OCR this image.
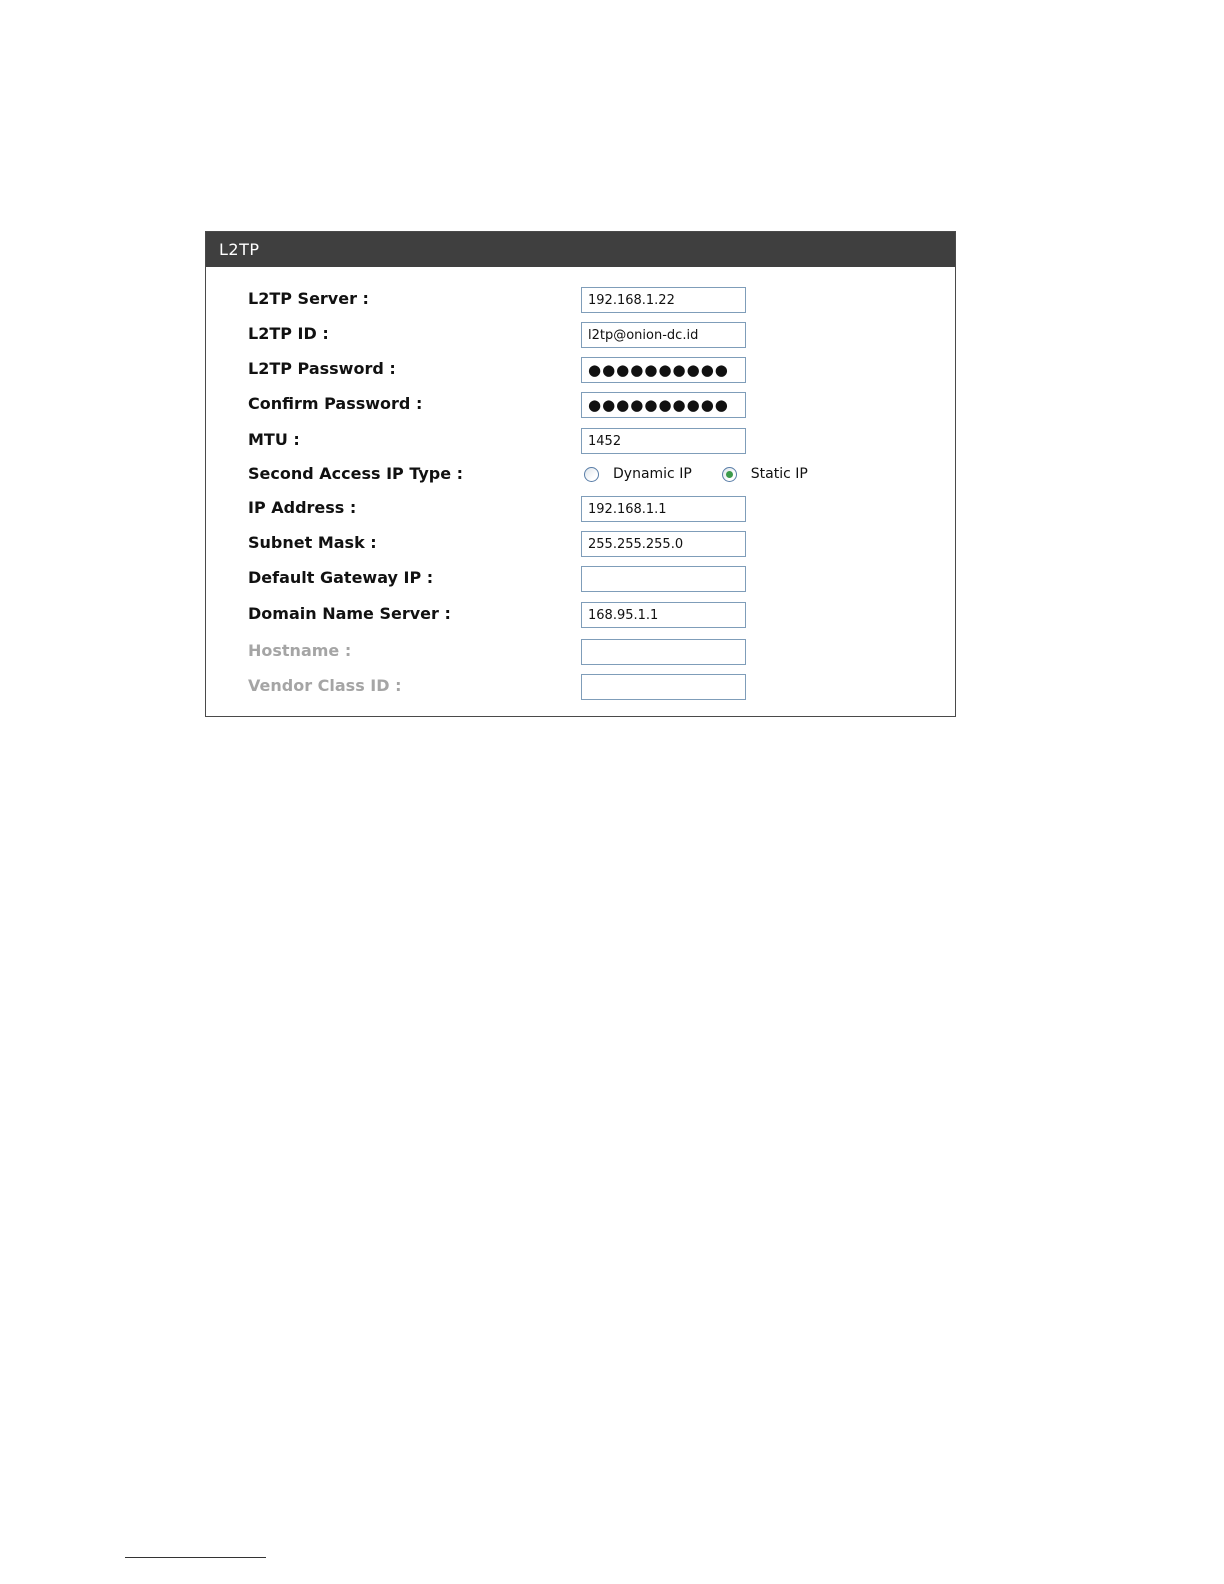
L2TP
L2TP Server :
192.168.1.22
L2TP ID :
l2tp@onion-dc.id
L2TP Password :
●●●●●●●●●●
Confirm Password :
●●●●●●●●●●
MTU :
1452
Second Access IP Type :	Dynamic IP	Static IP
IP Address :
192.168.1.1
Subnet Mask :
255.255.255.0
Default Gateway IP :
Domain Name Server :
168.95.1.1
Hostname :
Vendor Class ID :
